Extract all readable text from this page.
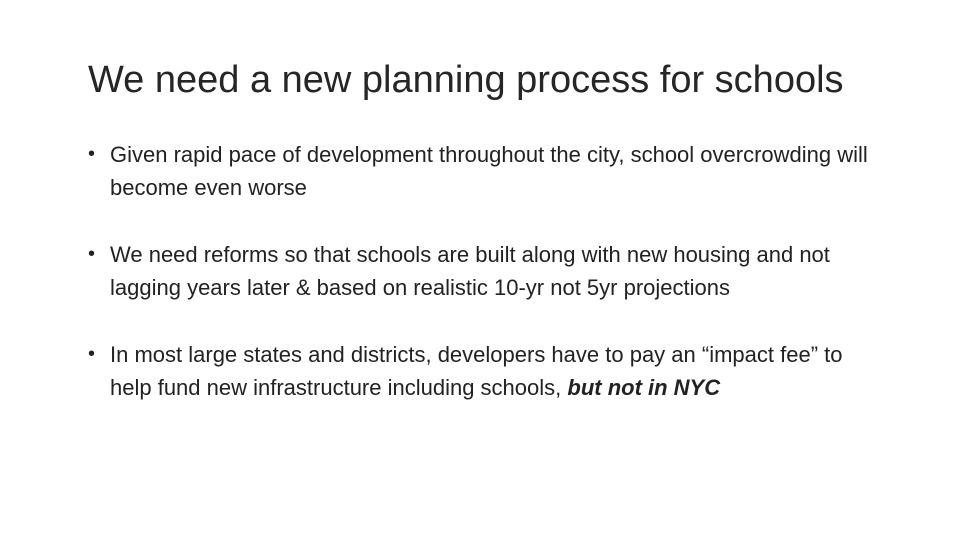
We need a new planning process for schools
• Given rapid pace of development throughout the city, school overcrowding will become even worse
• We need reforms so that schools are built along with new housing and not lagging years later & based on realistic 10-yr not 5yr projections
• In most large states and districts, developers have to pay an “impact fee” to help fund new infrastructure including schools, but not in NYC
